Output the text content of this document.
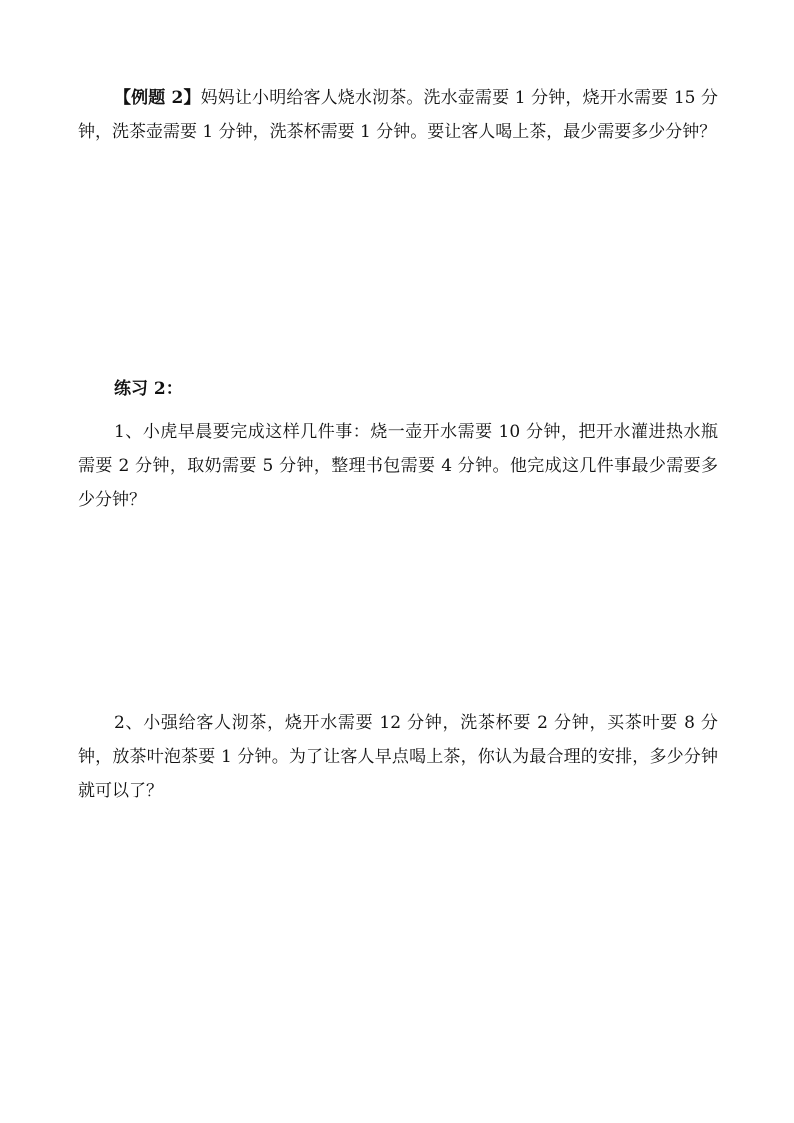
【例题 2】妈妈让小明给客人烧水沏茶。洗水壶需要 1 分钟，烧开水需要 15 分钟，洗茶壶需要 1 分钟，洗茶杯需要 1 分钟。要让客人喝上茶，最少需要多少分钟？

练习 2：

1、小虎早晨要完成这样几件事：烧一壶开水需要 10 分钟，把开水灌进热水瓶需要 2 分钟，取奶需要 5 分钟，整理书包需要 4 分钟。他完成这几件事最少需要多少分钟？

2、小强给客人沏茶，烧开水需要 12 分钟，洗茶杯要 2 分钟，买茶叶要 8 分钟，放茶叶泡茶要 1 分钟。为了让客人早点喝上茶，你认为最合理的安排，多少分钟就可以了？
